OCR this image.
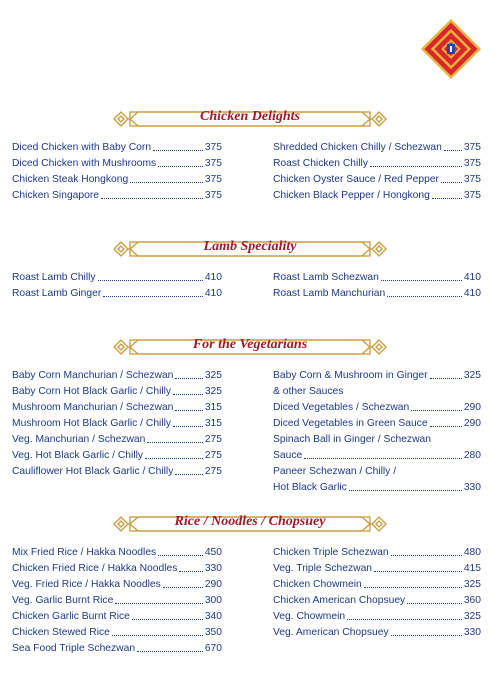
Chicken Delights
Diced Chicken with Baby Corn	375
Diced Chicken with Mushrooms	375
Chicken Steak Hongkong	375
Chicken Singapore	375
Shredded Chicken Chilly / Schezwan 375
Roast Chicken Chilly	375
Chicken Oyster Sauce / Red Pepper 375
Chicken Black Pepper / Hongkong	375
Lamb Speciality
Roast Lamb Chilly	410
Roast Lamb Ginger	410
Roast Lamb Schezwan	410
Roast Lamb Manchurian	410
For the Vegetarians
Baby Corn Manchurian / Schezwan	325
Baby Corn Hot Black Garlic / Chilly	325
Mushroom Manchurian / Schezwan	315
Mushroom Hot Black Garlic / Chilly	315
Veg. Manchurian / Schezwan	275
Veg. Hot Black Garlic / Chilly	275
Cauliflower Hot Black Garlic / Chilly	275
Baby Corn & Mushroom in Ginger	325
& other Sauces
Diced Vegetables / Schezwan	290
Diced Vegetables in Green Sauce	290
Spinach Ball in Ginger / Schezwan
Sauce	280
Paneer Schezwan / Chilly /
Hot Black Garlic	330
Rice / Noodles / Chopsuey
Mix Fried Rice / Hakka Noodles	450
Chicken Fried Rice / Hakka Noodles	330
Veg. Fried Rice / Hakka Noodles	290
Veg. Garlic Burnt Rice	300
Chicken Garlic Burnt Rice	340
Chicken Stewed Rice	350
Sea Food Triple Schezwan	670
Chicken Triple Schezwan	480
Veg. Triple Schezwan	415
Chicken Chowmein	325
Chicken American Chopsuey	360
Veg. Chowmein	325
Veg. American Chopsuey	330
